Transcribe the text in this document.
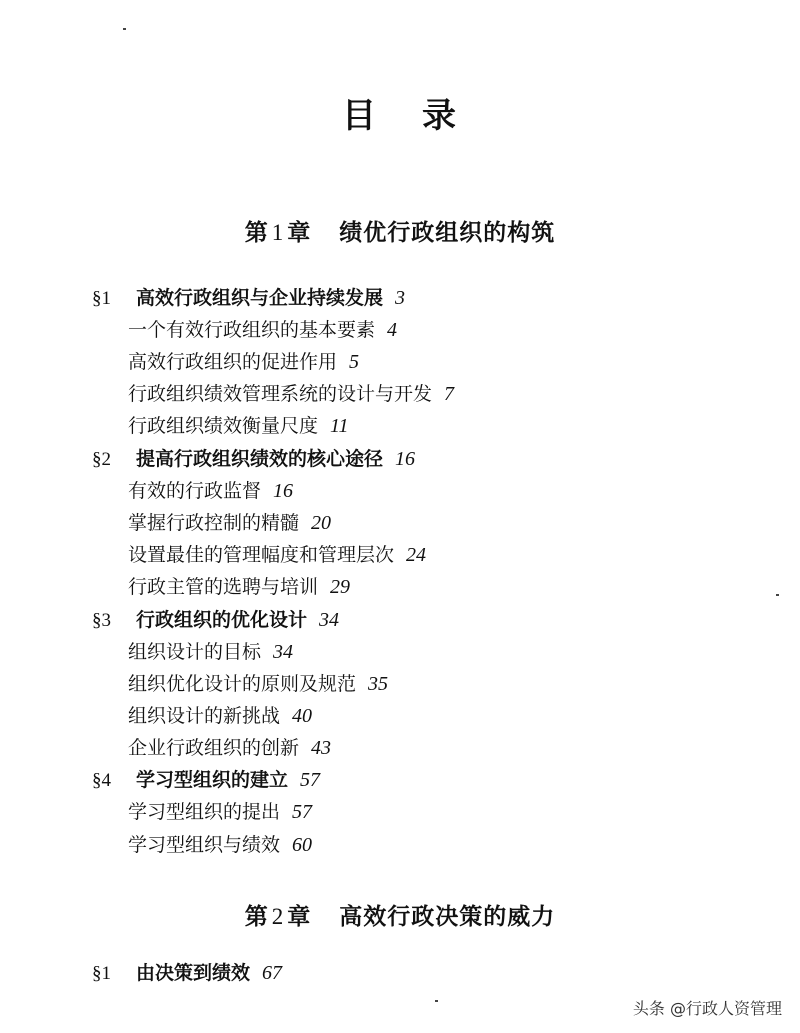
目 录
第 1 章 绩优行政组织的构筑
§1 高效行政组织与企业持续发展 3
一个有效行政组织的基本要素 4
高效行政组织的促进作用 5
行政组织绩效管理系统的设计与开发 7
行政组织绩效衡量尺度 11
§2 提高行政组织绩效的核心途径 16
有效的行政监督 16
掌握行政控制的精髓 20
设置最佳的管理幅度和管理层次 24
行政主管的选聘与培训 29
§3 行政组织的优化设计 34
组织设计的目标 34
组织优化设计的原则及规范 35
组织设计的新挑战 40
企业行政组织的创新 43
§4 学习型组织的建立 57
学习型组织的提出 57
学习型组织与绩效 60
§1 由决策到绩效 67
第 2 章 高效行政决策的威力
头条 @行政人资管理
